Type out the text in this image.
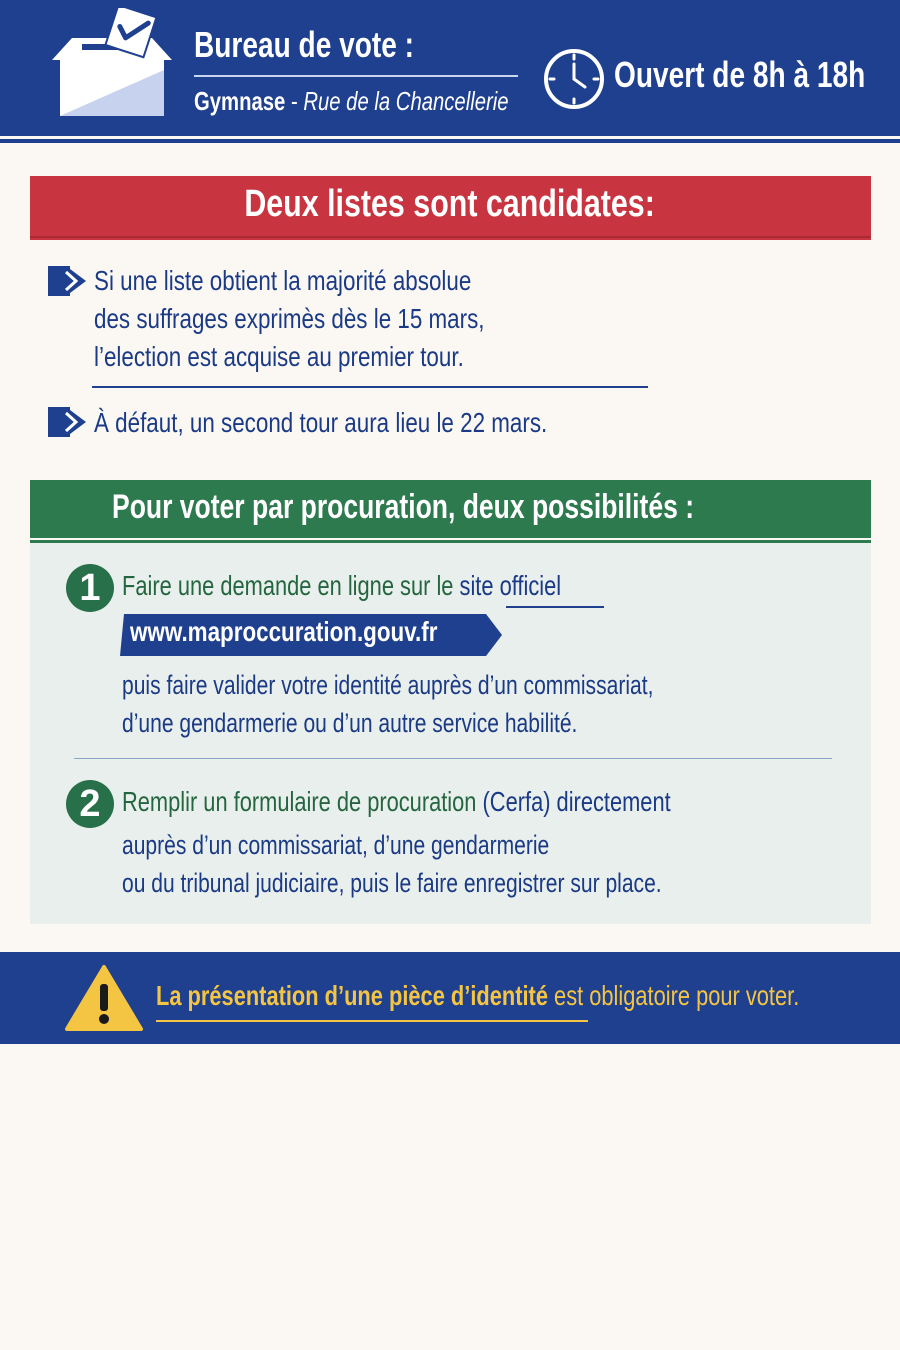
Bureau de vote :
Gymnase - Rue de la Chancellerie
Ouvert de 8h à 18h
Deux listes sont candidates:
Si une liste obtient la majorité absolue
des suffrages exprimès dès le 15 mars,
l’election est acquise au premier tour.
À défaut, un second tour aura lieu le 22 mars.
Pour voter par procuration, deux possibilités :
1 Faire une demande en ligne sur le site officiel
www.maproccuration.gouv.fr
puis faire valider votre identité auprès d’un commissariat,
d’une gendarmerie ou d’un autre service habilité.
2 Remplir un formulaire de procuration (Cerfa) directement
auprès d’un commissariat, d’une gendarmerie
ou du tribunal judiciaire, puis le faire enregistrer sur place.
La présentation d’une pièce d’identité est obligatoire pour voter.
